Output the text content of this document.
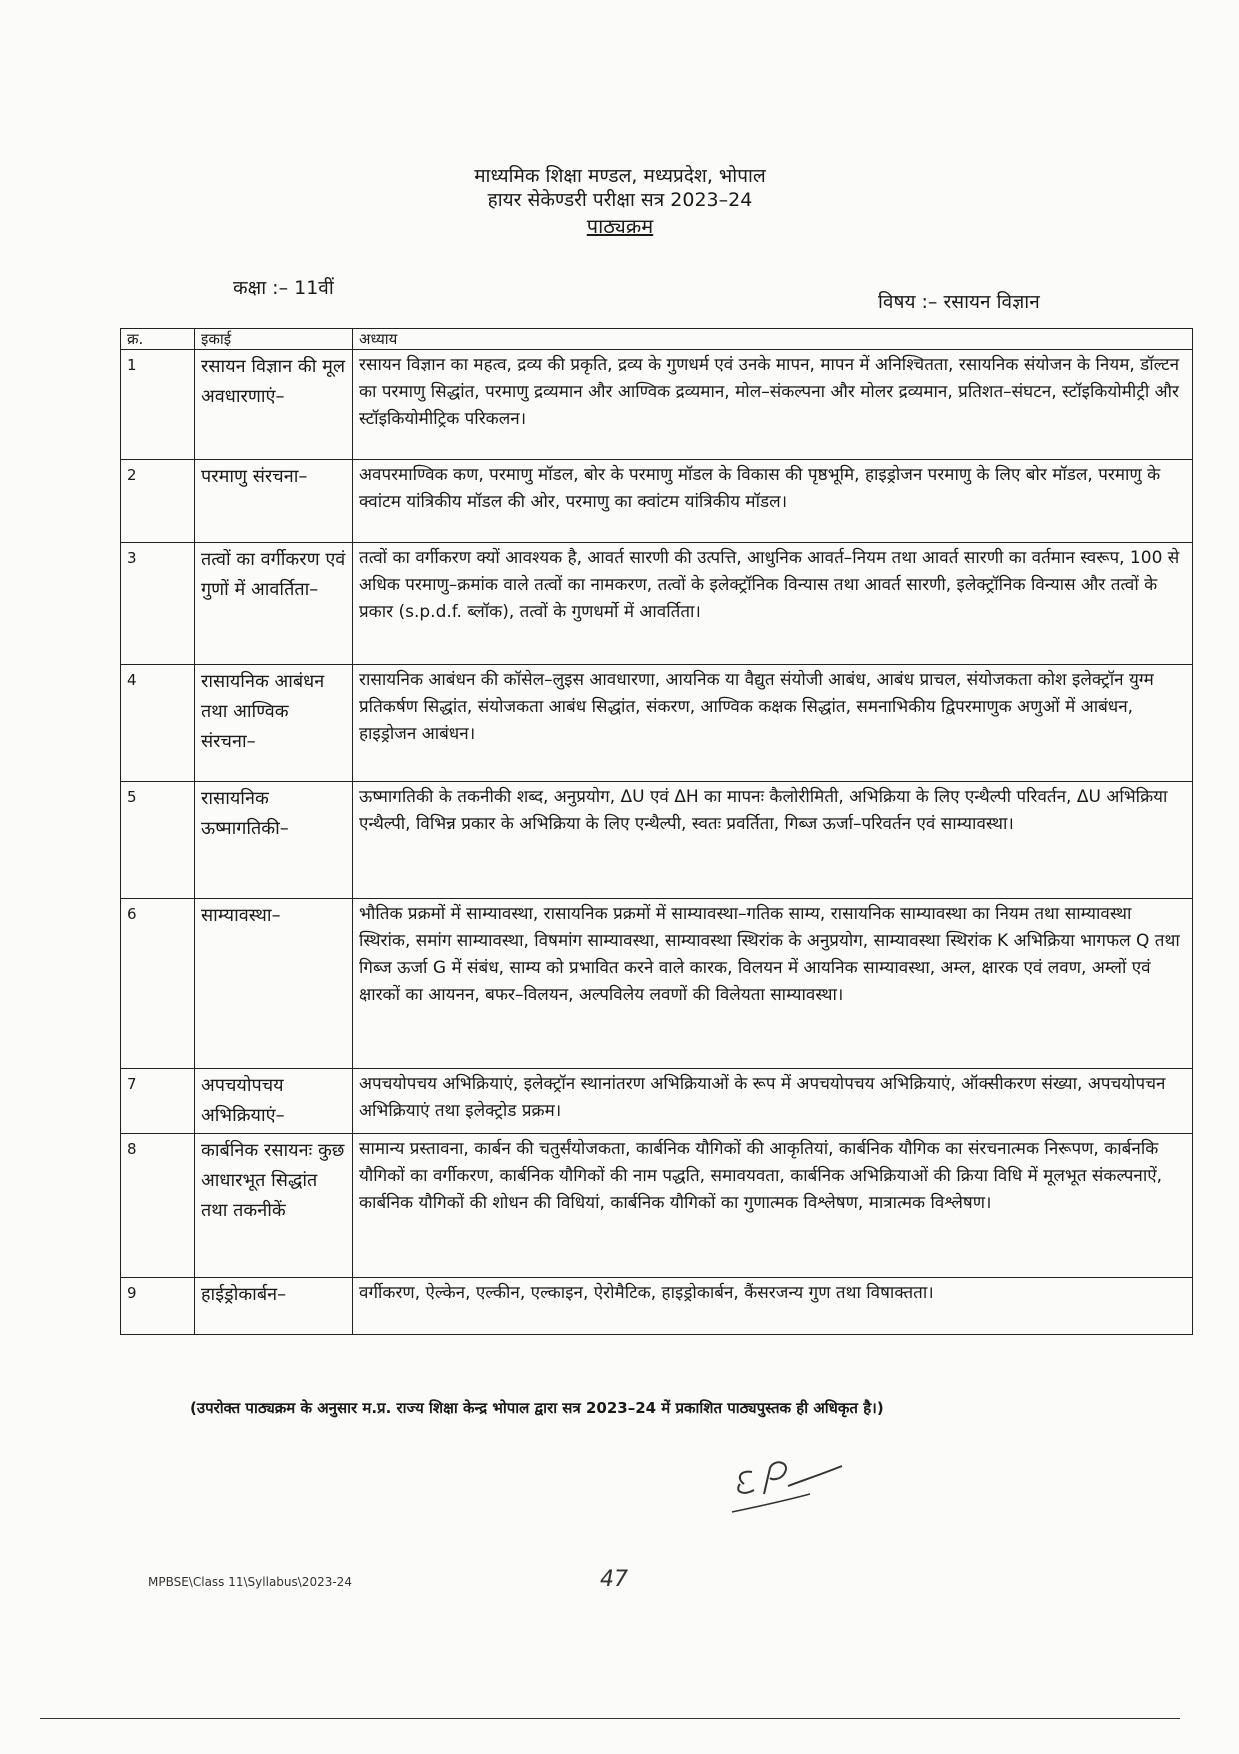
माध्यमिक शिक्षा मण्डल, मध्यप्रदेश, भोपाल
हायर सेकेण्डरी परीक्षा सत्र 2023–24
पाठ्यक्रम
कक्षा :– 11वीं
विषय :– रसायन विज्ञान
क्र.	इकाई	अध्याय
1	रसायन विज्ञान की मूल अवधारणाएं–	रसायन विज्ञान का महत्व, द्रव्य की प्रकृति, द्रव्य के गुणधर्म एवं उनके मापन, मापन में अनिश्चितता, रसायनिक संयोजन के नियम, डॉल्टन का परमाणु सिद्धांत, परमाणु द्रव्यमान और आण्विक द्रव्यमान, मोल–संकल्पना और मोलर द्रव्यमान, प्रतिशत–संघटन, स्टॉइकियोमीट्री और स्टॉइकियोमीट्रिक परिकलन।
2	परमाणु संरचना–	अवपरमाण्विक कण, परमाणु मॉडल, बोर के परमाणु मॉडल के विकास की पृष्ठभूमि, हाइड्रोजन परमाणु के लिए बोर मॉडल, परमाणु के क्वांटम यांत्रिकीय मॉडल की ओर, परमाणु का क्वांटम यांत्रिकीय मॉडल।
3	तत्वों का वर्गीकरण एवं गुणों में आवर्तिता–	तत्वों का वर्गीकरण क्यों आवश्यक है, आवर्त सारणी की उत्पत्ति, आधुनिक आवर्त–नियम तथा आवर्त सारणी का वर्तमान स्वरूप, 100 से अधिक परमाणु–क्रमांक वाले तत्वों का नामकरण, तत्वों के इलेक्ट्रॉनिक विन्यास तथा आवर्त सारणी, इलेक्ट्रॉनिक विन्यास और तत्वों के प्रकार (s.p.d.f. ब्लॉक), तत्वों के गुणधर्मो में आवर्तिता।
4	रासायनिक आबंधन तथा आण्विक संरचना–	रासायनिक आबंधन की कॉसेल–लुइस आवधारणा, आयनिक या वैद्युत संयोजी आबंध, आबंध प्राचल, संयोजकता कोश इलेक्ट्रॉन युग्म प्रतिकर्षण सिद्धांत, संयोजकता आबंध सिद्धांत, संकरण, आण्विक कक्षक सिद्धांत, समनाभिकीय द्विपरमाणुक अणुओं में आबंधन, हाइड्रोजन आबंधन।
5	रासायनिक ऊष्मागतिकी–	ऊष्मागतिकी के तकनीकी शब्द, अनुप्रयोग, ΔU एवं ΔH का मापनः कैलोरीमिती, अभिक्रिया के लिए एन्थैल्पी परिवर्तन, ΔU अभिक्रिया एन्थैल्पी, विभिन्न प्रकार के अभिक्रिया के लिए एन्थैल्पी, स्वतः प्रवर्तिता, गिब्ज ऊर्जा–परिवर्तन एवं साम्यावस्था।
6	साम्यावस्था–	भौतिक प्रक्रमों में साम्यावस्था, रासायनिक प्रक्रमों में साम्यावस्था–गतिक साम्य, रासायनिक साम्यावस्था का नियम तथा साम्यावस्था स्थिरांक, समांग साम्यावस्था, विषमांग साम्यावस्था, साम्यावस्था स्थिरांक के अनुप्रयोग, साम्यावस्था स्थिरांक K अभिक्रिया भागफल Q तथा गिब्ज ऊर्जा G में संबंध, साम्य को प्रभावित करने वाले कारक, विलयन में आयनिक साम्यावस्था, अम्ल, क्षारक एवं लवण, अम्लों एवं क्षारकों का आयनन, बफर–विलयन, अल्पविलेय लवणों की विलेयता साम्यावस्था।
7	अपचयोपचय अभिक्रियाएं–	अपचयोपचय अभिक्रियाएं, इलेक्ट्रॉन स्थानांतरण अभिक्रियाओं के रूप में अपचयोपचय अभिक्रियाएं, ऑक्सीकरण संख्या, अपचयोपचन अभिक्रियाएं तथा इलेक्ट्रोड प्रक्रम।
8	कार्बनिक रसायनः कुछ आधारभूत सिद्धांत तथा तकनीकें	सामान्य प्रस्तावना, कार्बन की चतुर्संयोजकता, कार्बनिक यौगिकों की आकृतियां, कार्बनिक यौगिक का संरचनात्मक निरूपण, कार्बनकि यौगिकों का वर्गीकरण, कार्बनिक यौगिकों की नाम पद्धति, समावयवता, कार्बनिक अभिक्रियाओं की क्रिया विधि में मूलभूत संकल्पनाऐं, कार्बनिक यौगिकों की शोधन की विधियां, कार्बनिक यौगिकों का गुणात्मक विश्लेषण, मात्रात्मक विश्लेषण।
9	हाईड्रोकार्बन–	वर्गीकरण, ऐल्केन, एल्कीन, एल्काइन, ऐरोमैटिक, हाइड्रोकार्बन, कैंसरजन्य गुण तथा विषाक्तता।
(उपरोक्त पाठ्यक्रम के अनुसार म.प्र. राज्य शिक्षा केन्द्र भोपाल द्वारा सत्र 2023–24 में प्रकाशित पाठ्यपुस्तक ही अधिकृत है।)
MPBSE\Class 11\Syllabus\2023-24	47
